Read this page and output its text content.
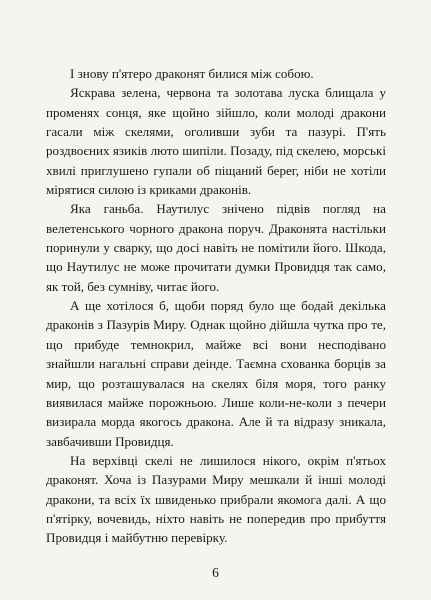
І знову п'ятеро драконят билися між собою.

Яскрава зелена, червона та золотава луска блищала у променях сонця, яке щойно зійшло, коли молоді дракони гасали між скелями, оголивши зуби та пазурі. П'ять роздвоєних язиків люто шипіли. Позаду, під скелею, морські хвилі приглушено гупали об піщаний берег, ніби не хотіли мірятися силою із криками драконів.

Яка ганьба. Наутилус знічено підвів погляд на велетенського чорного дракона поруч. Драконята настільки поринули у сварку, що досі навіть не помітили його. Шкода, що Наутилус не може прочитати думки Провидця так само, як той, без сумніву, читає його.

А ще хотілося б, щоби поряд було ще бодай декілька драконів з Пазурів Миру. Однак щойно дійшла чутка про те, що прибуде темнокрил, майже всі вони несподівано знайшли нагальні справи деінде. Таємна схованка борців за мир, що розташувалася на скелях біля моря, того ранку виявилася майже порожньою. Лише коли-не-коли з печери визирала морда якогось дракона. Але й та відразу зникала, завбачивши Провидця.

На верхівці скелі не лишилося нікого, окрім п'ятьох драконят. Хоча із Пазурами Миру мешкали й інші молоді дракони, та всіх їх швиденько прибрали якомога далі. А що п'ятірку, вочевидь, ніхто навіть не попередив про прибуття Провидця і майбутню перевірку.

6
